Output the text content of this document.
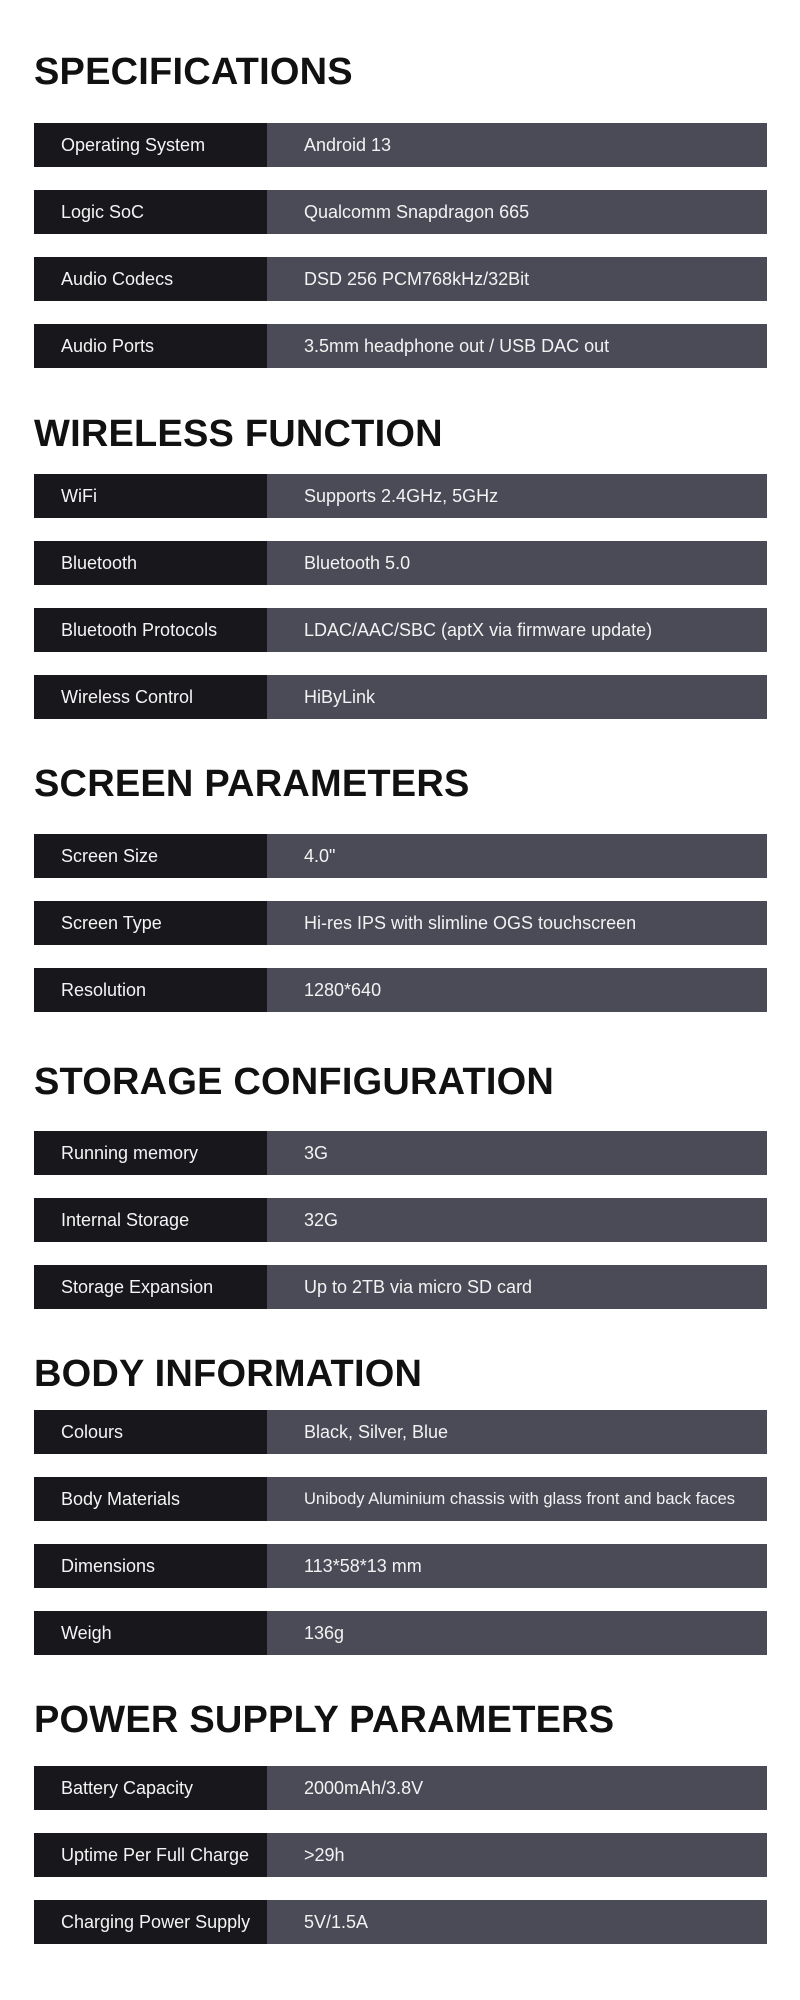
SPECIFICATIONS
Operating System	Android 13
Logic SoC	Qualcomm Snapdragon 665
Audio Codecs	DSD 256 PCM768kHz/32Bit
Audio Ports	3.5mm headphone out / USB DAC out
WIRELESS FUNCTION
WiFi	Supports 2.4GHz, 5GHz
Bluetooth	Bluetooth 5.0
Bluetooth Protocols	LDAC/AAC/SBC (aptX via firmware update)
Wireless Control	HiByLink
SCREEN PARAMETERS
Screen Size	4.0"
Screen Type	Hi-res IPS with slimline OGS touchscreen
Resolution	1280*640
STORAGE CONFIGURATION
Running memory	3G
Internal Storage	32G
Storage Expansion	Up to 2TB via micro SD card
BODY INFORMATION
Colours	Black, Silver, Blue
Body Materials	Unibody Aluminium chassis with glass front and back faces
Dimensions	113*58*13 mm
Weigh	136g
POWER SUPPLY PARAMETERS
Battery Capacity	2000mAh/3.8V
Uptime Per Full Charge	>29h
Charging Power Supply	5V/1.5A
